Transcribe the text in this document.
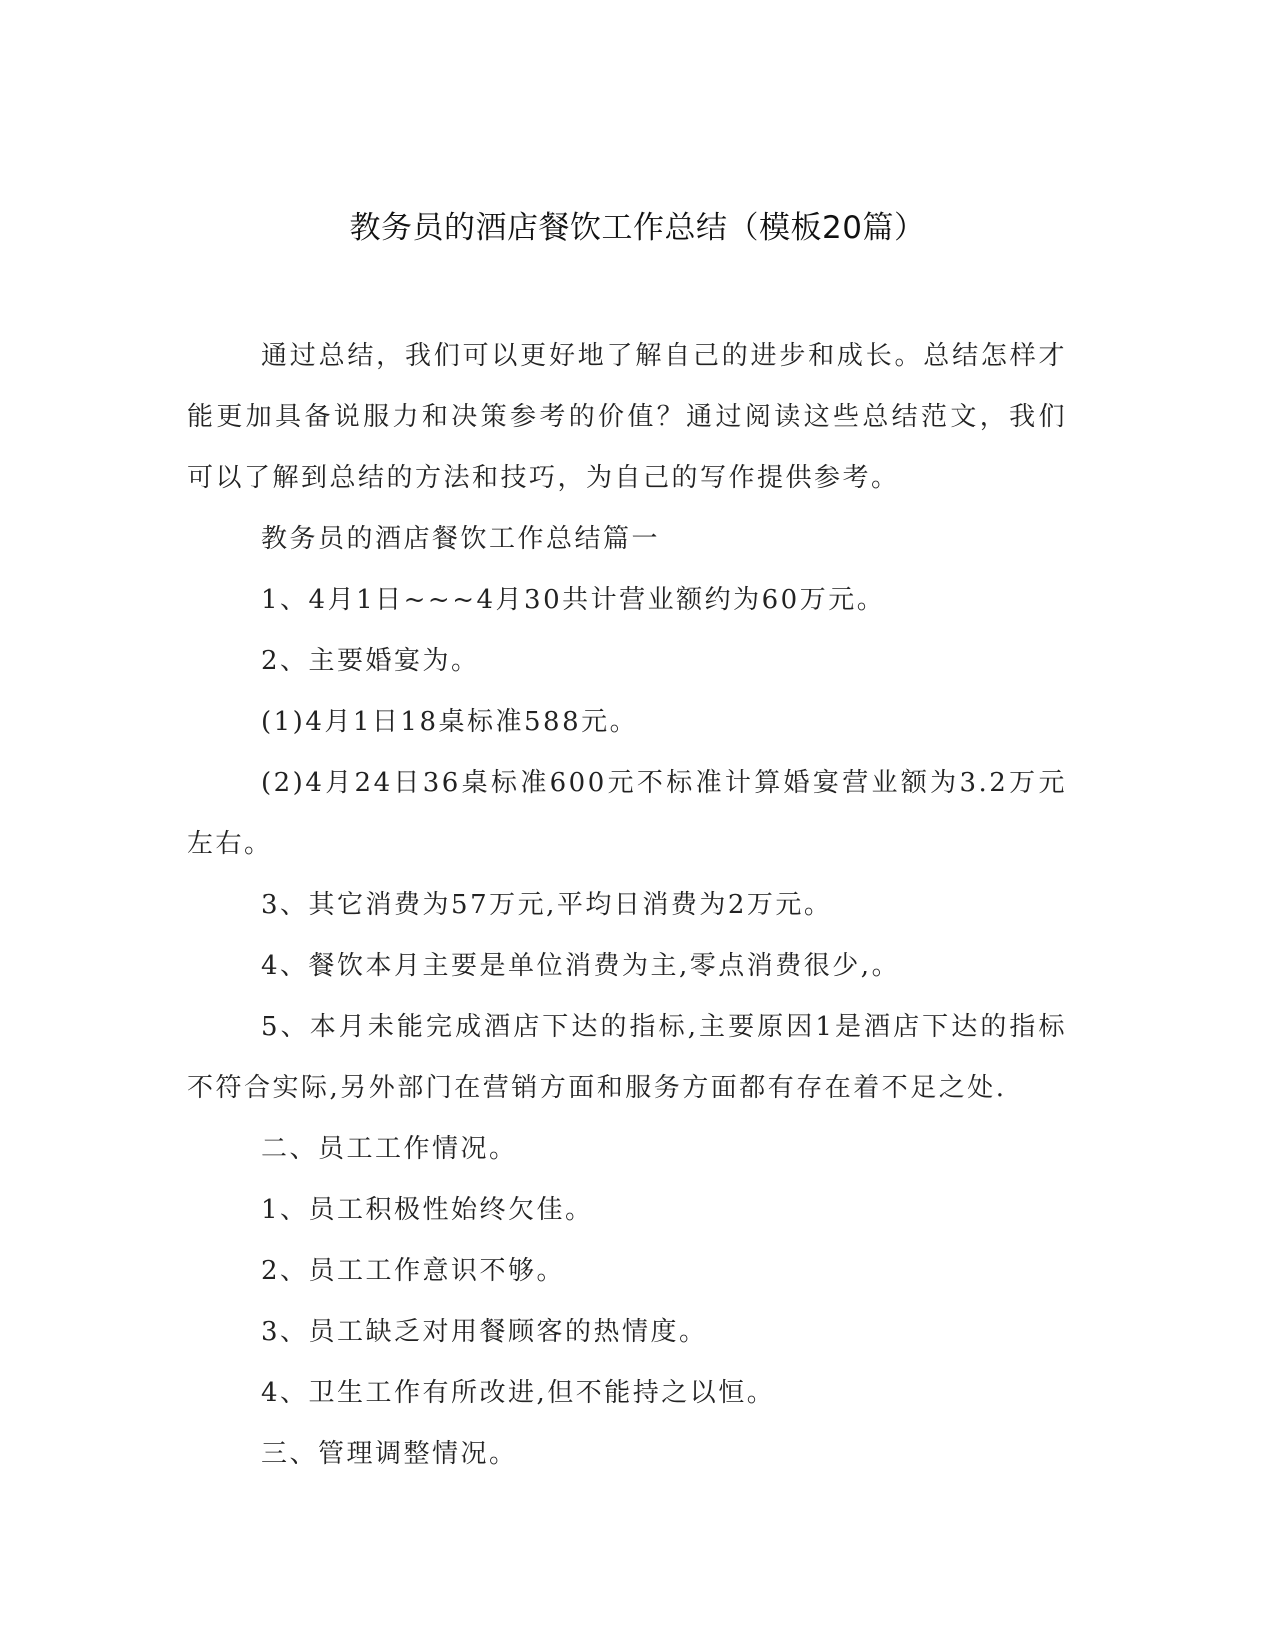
教务员的酒店餐饮工作总结（模板20篇）

通过总结，我们可以更好地了解自己的进步和成长。总结怎样才能更加具备说服力和决策参考的价值？通过阅读这些总结范文，我们可以了解到总结的方法和技巧，为自己的写作提供参考。

教务员的酒店餐饮工作总结篇一

1、4月1日~~~4月30共计营业额约为60万元。

2、主要婚宴为。

(1)4月1日18桌标准588元。

(2)4月24日36桌标准600元不标准计算婚宴营业额为3.2万元左右。

3、其它消费为57万元,平均日消费为2万元。

4、餐饮本月主要是单位消费为主,零点消费很少,。

5、本月未能完成酒店下达的指标,主要原因1是酒店下达的指标不符合实际,另外部门在营销方面和服务方面都有存在着不足之处.

二、员工工作情况。

1、员工积极性始终欠佳。

2、员工工作意识不够。

3、员工缺乏对用餐顾客的热情度。

4、卫生工作有所改进,但不能持之以恒。

三、管理调整情况。
